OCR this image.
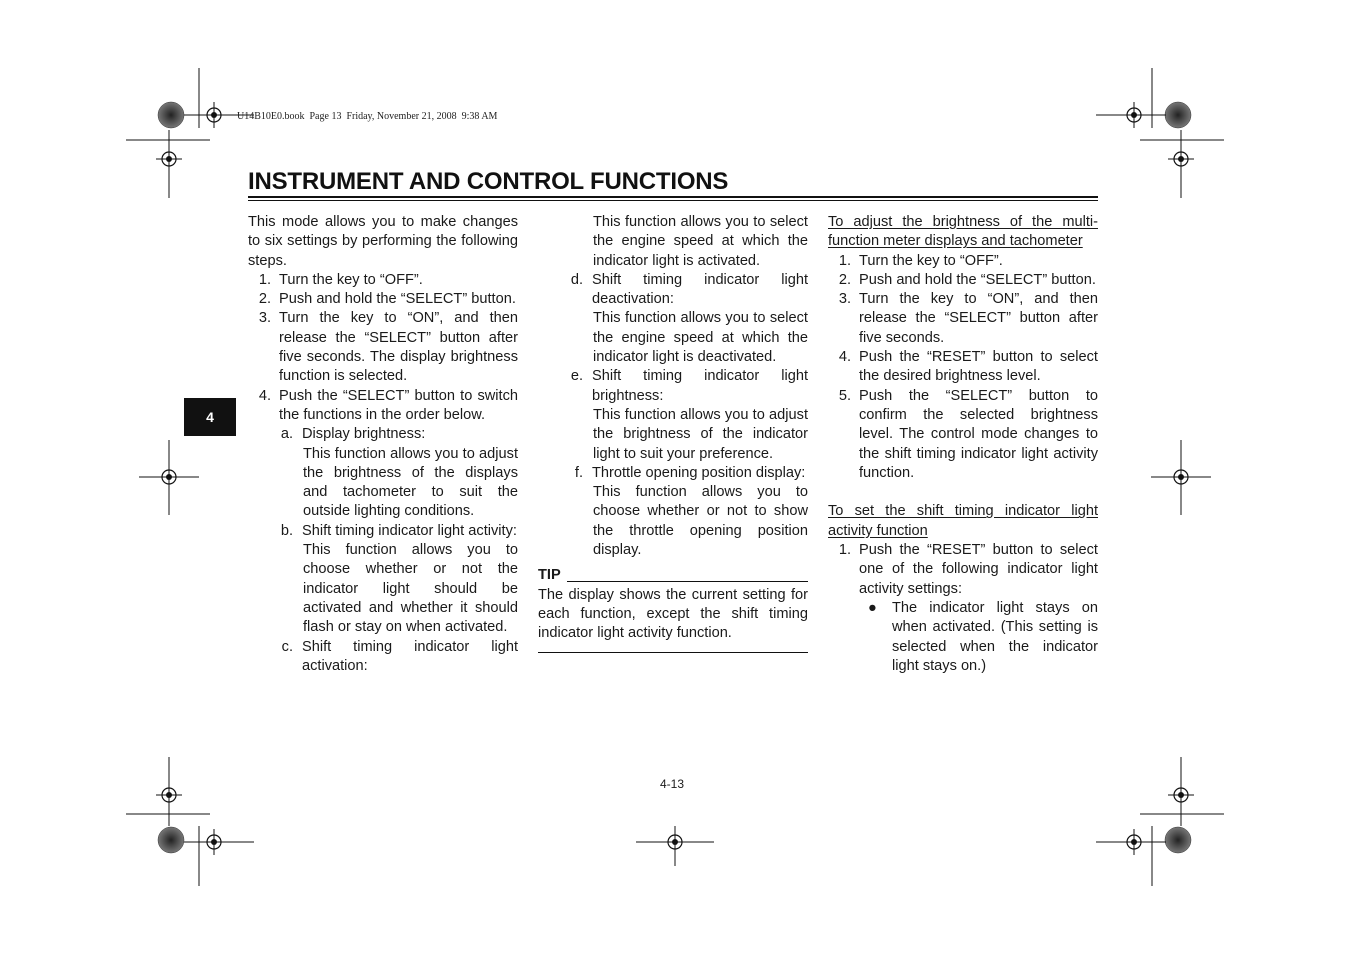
U14B10E0.book  Page 13  Friday, November 21, 2008  9:38 AM
INSTRUMENT AND CONTROL FUNCTIONS
4

This mode allows you to make changes to six settings by performing the following steps.

1. Turn the key to “OFF”.
2. Push and hold the “SELECT” button.
3. Turn the key to “ON”, and then release the “SELECT” button after five seconds. The display brightness function is selected.
4. Push the “SELECT” button to switch the functions in the order below.
a. Display brightness:

This function allows you to adjust the brightness of the displays and tachometer to suit the outside lighting conditions.

b. Shift timing indicator light activity:

This function allows you to choose whether or not the indicator light should be activated and whether it should flash or stay on when activated.

c. Shift timing indicator light activation:

This function allows you to select the engine speed at which the indicator light is activated.

d. Shift timing indicator light deactivation:

This function allows you to select the engine speed at which the indicator light is deactivated.

e. Shift timing indicator light brightness:

This function allows you to adjust the brightness of the indicator light to suit your preference.

f. Throttle opening position display:

This function allows you to choose whether or not to show the throttle opening position display.

TIP

The display shows the current setting for each function, except the shift timing indicator light activity function.

To adjust the brightness of the multi-function meter displays and tachometer

1. Turn the key to “OFF”.
2. Push and hold the “SELECT” button.
3. Turn the key to “ON”, and then release the “SELECT” button after five seconds.
4. Push the “RESET” button to select the desired brightness level.
5. Push the “SELECT” button to confirm the selected brightness level. The control mode changes to the shift timing indicator light activity function.

To set the shift timing indicator light activity function

1. Push the “RESET” button to select one of the following indicator light activity settings:
●	The indicator light stays on when activated. (This setting is selected when the indicator light stays on.)
4-13
